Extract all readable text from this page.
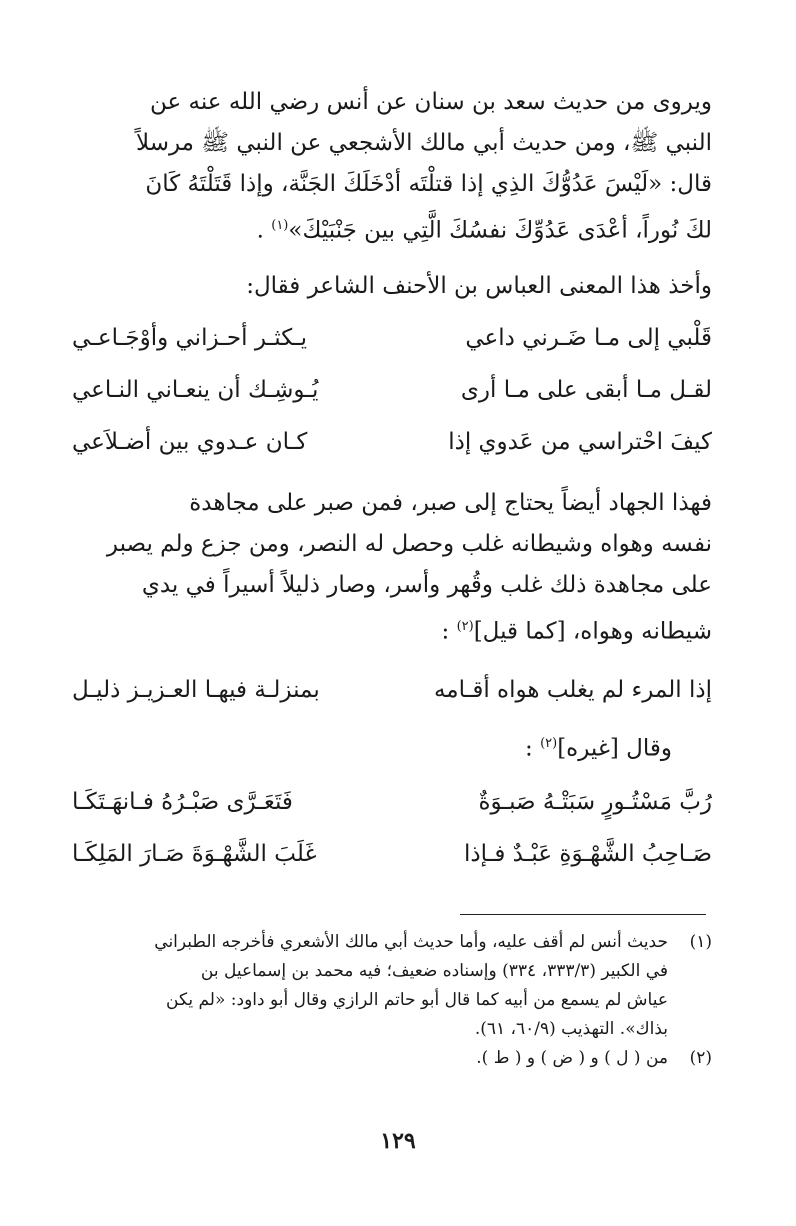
ويروى من حديث سعد بن سنان عن أنس رضي الله عنه عن
النبي ﷺ، ومن حديث أبي مالك الأشجعي عن النبي ﷺ مرسلاً
قال: «لَيْسَ عَدُوُّكَ الذِي إذا قتلْتَه أدْخَلَكَ الجَنَّة، وإذا قَتَلْتَهُ كَانَ
لكَ نُوراً، أعْدَى عَدُوِّكَ نفسُكَ الَّتِي بين جَنْبَيْكَ»$^{(١)}$ .
وأخذ هذا المعنى العباس بن الأحنف الشاعر فقال:
قَلْبي إلى مـا ضَـرني داعي
يـكثـر أحـزاني وأوْجَـاعـي
لقـل مـا أبقى على مـا أرى
يُـوشِـك أن ينعـاني النـاعي
كيفَ احْتراسي من عَدوي إذا
كـان عـدوي بين أضـلاَعي
فهذا الجهاد أيضاً يحتاج إلى صبر، فمن صبر على مجاهدة
نفسه وهواه وشيطانه غلب وحصل له النصر، ومن جزع ولم يصبر
على مجاهدة ذلك غلب وقُهر وأسر، وصار ذليلاً أسيراً في يدي
شيطانه وهواه، [كما قيل]$^{(٢)}$ :
إذا المرء لم يغلب هواه أقـامه
بمنزلـة فيهـا العـزيـز ذليـل
وقال [غيره]$^{(٢)}$ :
رُبَّ مَسْتُـورٍ سَبَتْـهُ صَبـوَةٌ
فَتَعَـرَّى صَبْـرُهُ فـانهَـتَكَـا
صَـاحِبُ الشَّهْـوَةِ عَبْـدٌ فـإذا
غَلَبَ الشَّهْـوَةَ صَـارَ المَلِكَـا
(١)
حديث أنس لم أقف عليه، وأما حديث أبي مالك الأشعري فأخرجه الطبراني
في الكبير (٣٣٣/٣، ٣٣٤) وإسناده ضعيف؛ فيه محمد بن إسماعيل بن
عياش لم يسمع من أبيه كما قال أبو حاتم الرازي وقال أبو داود: «لم يكن
بذاك». التهذيب (٦٠/٩، ٦١).
(٢)
من ( ل ) و ( ض ) و ( ط ).
١٢٩
